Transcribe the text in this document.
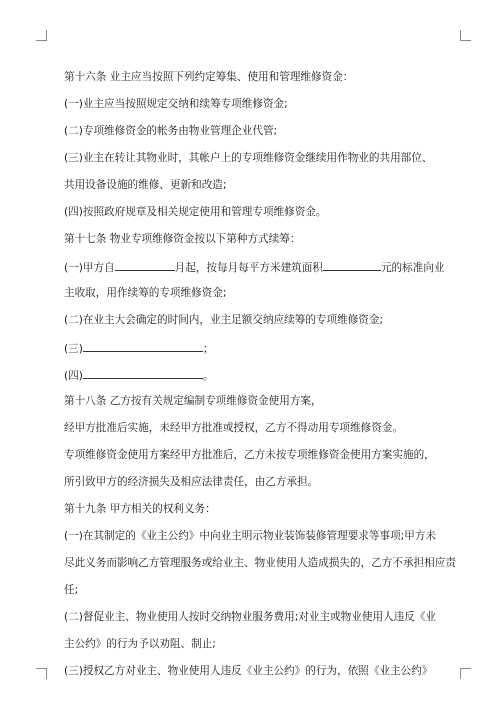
第十六条 业主应当按照下列约定筹集、使用和管理维修资金：
(一)业主应当按照规定交纳和续筹专项维修资金;
(二)专项维修资金的帐务由物业管理企业代管;
(三)业主在转让其物业时，其帐户上的专项维修资金继续用作物业的共用部位、
共用设备设施的维修、更新和改造;
(四)按照政府规章及相关规定使用和管理专项维修资金。
第十七条 物业专项维修资金按以下第种方式续筹：
(一)甲方自	月起，按每月每平方米建筑面积	元的标准向业
主收取，用作续筹的专项维修资金;
(二)在业主大会确定的时间内，业主足额交纳应续筹的专项维修资金;
(三)	；
(四)	。
第十八条 乙方按有关规定编制专项维修资金使用方案，
经甲方批准后实施，未经甲方批准或授权，乙方不得动用专项维修资金。
专项维修资金使用方案经甲方批准后，乙方未按专项维修资金使用方案实施的，
所引致甲方的经济损失及相应法律责任，由乙方承担。
第十九条 甲方相关的权利义务：
(一)在其制定的《业主公约》中向业主明示物业装饰装修管理要求等事项;甲方未
尽此义务而影响乙方管理服务或给业主、物业使用人造成损失的，乙方不承担相应责
任;
(二)督促业主、物业使用人按时交纳物业服务费用;对业主或物业使用人违反《业
主公约》的行为予以劝阻、制止;
(三)授权乙方对业主、物业使用人违反《业主公约》的行为，依照《业主公约》
